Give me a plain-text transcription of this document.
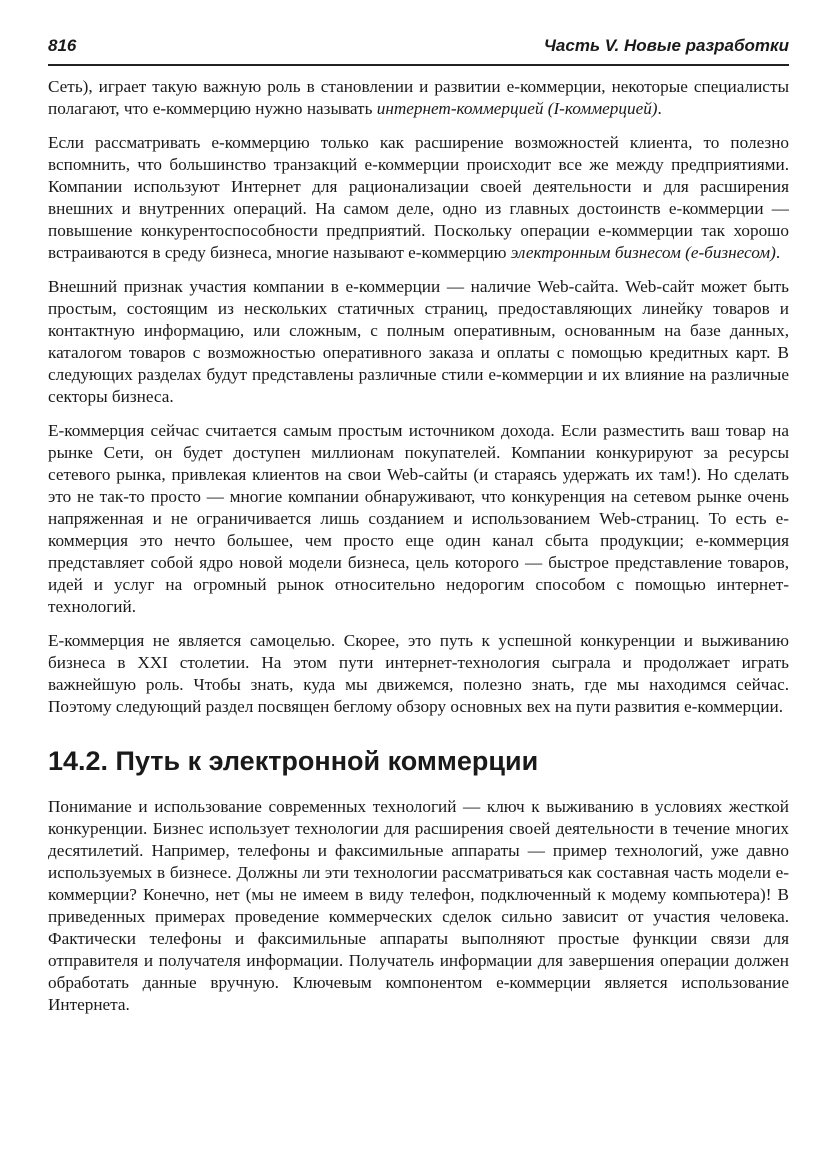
816	Часть V. Новые разработки

Сеть), играет такую важную роль в становлении и развитии е-коммерции, некоторые специалисты полагают, что е-коммерцию нужно называть интернет-коммерцией (I-коммерцией).

Если рассматривать е-коммерцию только как расширение возможностей клиента, то полезно вспомнить, что большинство транзакций е-коммерции происходит все же между предприятиями. Компании используют Интернет для рационализации своей деятельности и для расширения внешних и внутренних операций. На самом деле, одно из главных достоинств е-коммерции — повышение конкурентоспособности предприятий. Поскольку операции е-коммерции так хорошо встраиваются в среду бизнеса, многие называют е-коммерцию электронным бизнесом (е-бизнесом).

Внешний признак участия компании в е-коммерции — наличие Web-сайта. Web-сайт может быть простым, состоящим из нескольких статичных страниц, предоставляющих линейку товаров и контактную информацию, или сложным, с полным оперативным, основанным на базе данных, каталогом товаров с возможностью оперативного заказа и оплаты с помощью кредитных карт. В следующих разделах будут представлены различные стили е-коммерции и их влияние на различные секторы бизнеса.

Е-коммерция сейчас считается самым простым источником дохода. Если разместить ваш товар на рынке Сети, он будет доступен миллионам покупателей. Компании конкурируют за ресурсы сетевого рынка, привлекая клиентов на свои Web-сайты (и стараясь удержать их там!). Но сделать это не так-то просто — многие компании обнаруживают, что конкуренция на сетевом рынке очень напряженная и не ограничивается лишь созданием и использованием Web-страниц. То есть е-коммерция это нечто большее, чем просто еще один канал сбыта продукции; е-коммерция представляет собой ядро новой модели бизнеса, цель которого — быстрое представление товаров, идей и услуг на огромный рынок относительно недорогим способом с помощью интернет-технологий.

Е-коммерция не является самоцелью. Скорее, это путь к успешной конкуренции и выживанию бизнеса в XXI столетии. На этом пути интернет-технология сыграла и продолжает играть важнейшую роль. Чтобы знать, куда мы движемся, полезно знать, где мы находимся сейчас. Поэтому следующий раздел посвящен беглому обзору основных вех на пути развития е-коммерции.

14.2. Путь к электронной коммерции

Понимание и использование современных технологий — ключ к выживанию в условиях жесткой конкуренции. Бизнес использует технологии для расширения своей деятельности в течение многих десятилетий. Например, телефоны и факсимильные аппараты — пример технологий, уже давно используемых в бизнесе. Должны ли эти технологии рассматриваться как составная часть модели е-коммерции? Конечно, нет (мы не имеем в виду телефон, подключенный к модему компьютера)! В приведенных примерах проведение коммерческих сделок сильно зависит от участия человека. Фактически телефоны и факсимильные аппараты выполняют простые функции связи для отправителя и получателя информации. Получатель информации для завершения операции должен обработать данные вручную. Ключевым компонентом е-коммерции является использование Интернета.
